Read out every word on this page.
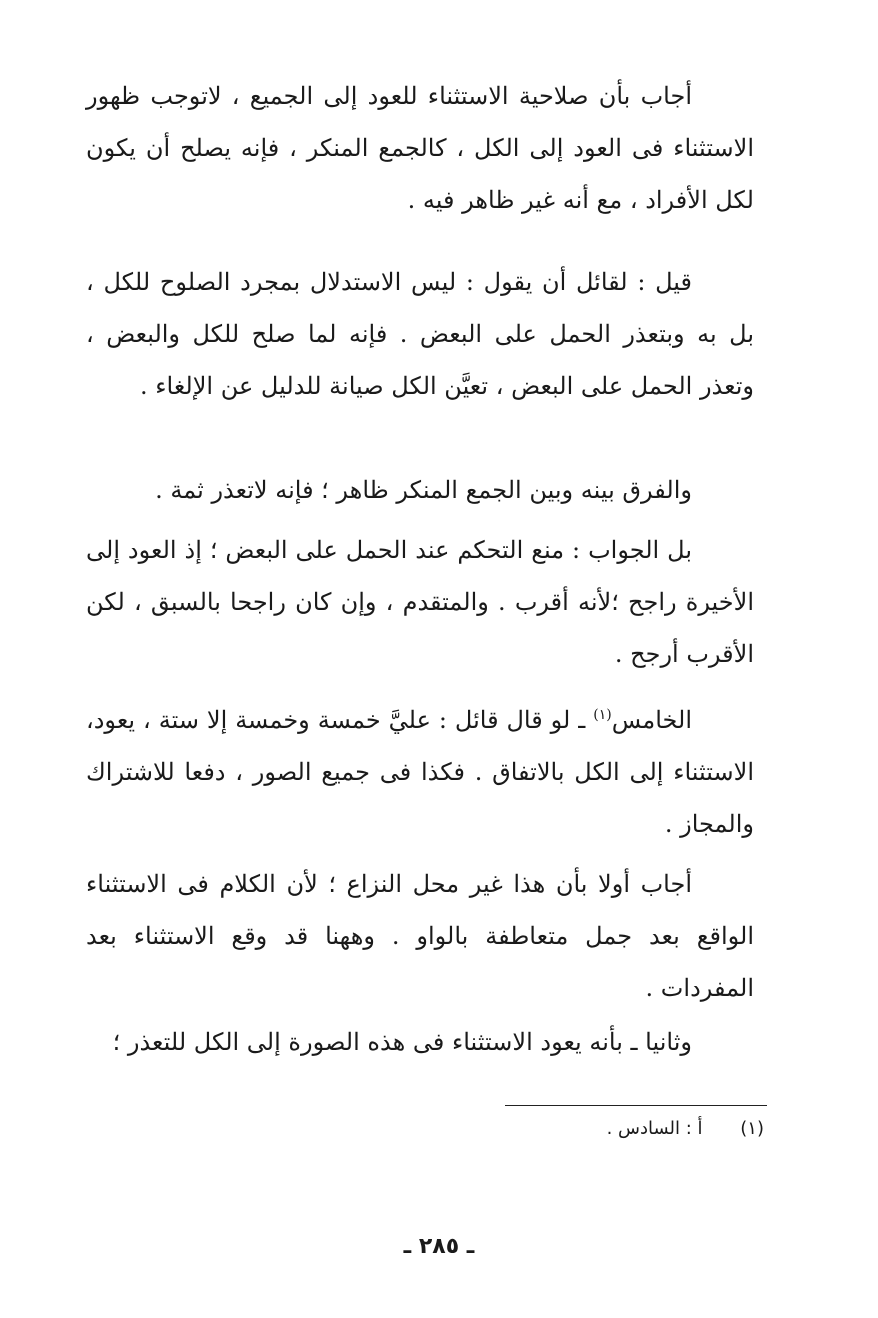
أجاب بأن صلاحية الاستثناء للعود إلى الجميع ، لاتوجب ظهور الاستثناء فى العود إلى الكل ، كالجمع المنكر ، فإنه يصلح أن يكون لكل الأفراد ، مع أنه غير ظاهر فيه .

قيل : لقائل أن يقول : ليس الاستدلال بمجرد الصلوح للكل ، بل به وبتعذر الحمل على البعض . فإنه لما صلح للكل والبعض ، وتعذر الحمل على البعض ، تعيَّن الكل صيانة للدليل عن الإلغاء .

والفرق بينه وبين الجمع المنكر ظاهر ؛ فإنه لاتعذر ثمة .

بل الجواب : منع التحكم عند الحمل على البعض ؛ إذ العود إلى الأخيرة راجح ؛لأنه أقرب . والمتقدم ، وإن كان راجحا بالسبق ، لكن الأقرب أرجح .

الخامس$^{(١)}$ ـ لو قال قائل : عليَّ خمسة وخمسة إلا ستة ، يعود، الاستثناء إلى الكل بالاتفاق . فكذا فى جميع الصور ، دفعا للاشتراك والمجاز .

أجاب أولا بأن هذا غير محل النزاع ؛ لأن الكلام فى الاستثناء الواقع بعد جمل متعاطفة بالواو . وههنا قد وقع الاستثناء بعد المفردات .

وثانيا ـ بأنه يعود الاستثناء فى هذه الصورة إلى الكل للتعذر ؛

(١) أ : السادس .
ـ ٢٨٥ ـ
